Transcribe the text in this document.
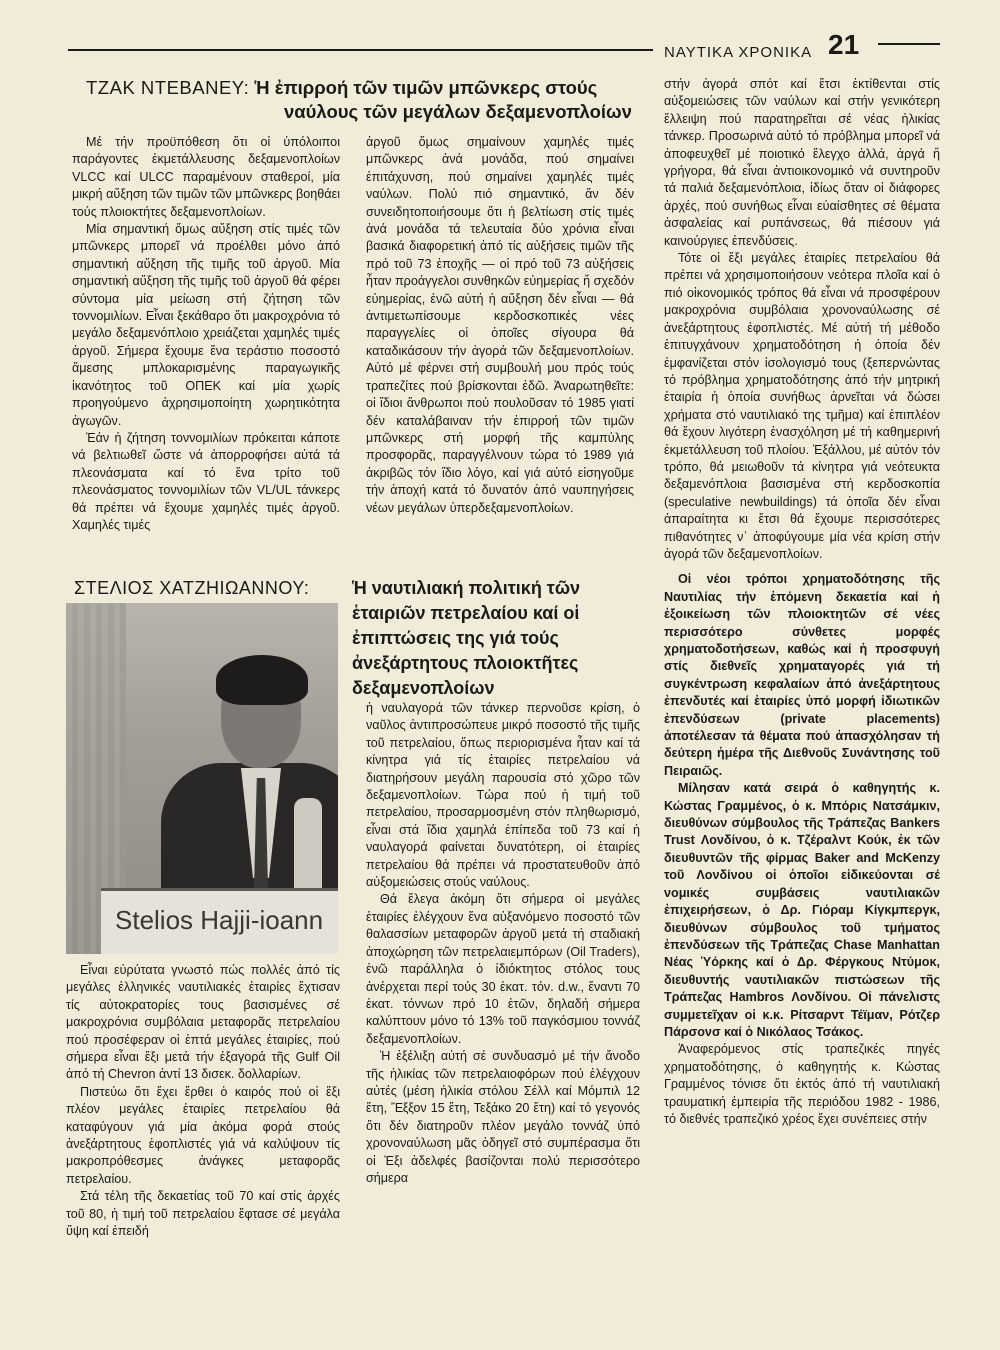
ΝΑΥΤΙΚΑ ΧΡΟΝΙΚΑ 21
ΤΖΑΚ ΝΤΕΒΑΝΕΥ: Ἡ ἐπιρροή τῶν τιμῶν μπῶνκερς στούς
ναύλους τῶν μεγάλων δεξαμενοπλοίων

Μέ τήν προϋπόθεση ὅτι οἱ ὑπόλοιποι παράγοντες ἐκμετάλλευσης δεξαμενοπλοίων VLCC καί ULCC παραμένουν σταθεροί, μία μικρή αὔξηση τῶν τιμῶν τῶν μπῶνκερς βοηθάει τούς πλοιοκτήτες δεξαμενοπλοίων.

Μία σημαντική ὅμως αὔξηση στίς τιμές τῶν μπῶνκερς μπορεῖ νά προέλθει μόνο ἀπό σημαντική αὔξηση τῆς τιμῆς τοῦ ἀργοῦ. Μία σημαντική αὔξηση τῆς τιμῆς τοῦ ἀργοῦ θά φέρει σύντομα μία μείωση στή ζήτηση τῶν τοννομιλίων. Εἶναι ξεκάθαρο ὅτι μακροχρόνια τό μεγάλο δεξαμενόπλοιο χρειάζεται χαμηλές τιμές ἀργοῦ. Σήμερα ἔχουμε ἕνα τεράστιο ποσοστό ἄμεσης μπλοκαρισμένης παραγωγικῆς ἱκανότητος τοῦ ΟΠΕΚ καί μία χωρίς προηγούμενο ἀχρησιμοποίητη χωρητικότητα ἀγωγῶν.

Ἐάν ἡ ζήτηση τοννομιλίων πρόκειται κάποτε νά βελτιωθεῖ ὥστε νά ἀπορροφήσει αὐτά τά πλεονάσματα καί τό ἕνα τρίτο τοῦ πλεονάσματος τοννομιλίων τῶν VL/UL τάνκερς θά πρέπει νά ἔχουμε χαμηλές τιμές ἀργοῦ. Χαμηλές τιμές

ἀργοῦ ὅμως σημαίνουν χαμηλές τιμές μπῶνκερς ἀνά μονάδα, πού σημαίνει ἐπιτάχυνση, πού σημαίνει χαμηλές τιμές ναύλων. Πολύ πιό σημαντικό, ἄν δέν συνειδητοποιήσουμε ὅτι ἡ βελτίωση στίς τιμές ἀνά μονάδα τά τελευταία δύο χρόνια εἶναι βασικά διαφορετική ἀπό τίς αὐξήσεις τιμῶν τῆς πρό τοῦ 73 ἐποχῆς — οἱ πρό τοῦ 73 αὐξήσεις ἦταν προάγγελοι συνθηκῶν εὐημερίας ἤ σχεδόν εὐημερίας, ἐνῶ αὐτή ἡ αὔξηση δέν εἶναι — θά ἀντιμετωπίσουμε κερδοσκοπικές νέες παραγγελίες οἱ ὁποῖες σίγουρα θά καταδικάσουν τήν ἀγορά τῶν δεξαμενοπλοίων. Αὐτό μέ φέρνει στή συμβουλή μου πρός τούς τραπεζίτες πού βρίσκονται ἐδῶ. Ἀναρωτηθεῖτε: οἱ ἴδιοι ἄνθρωποι πού πουλοῦσαν τό 1985 γιατί δέν καταλάβαιναν τήν ἐπιρροή τῶν τιμῶν μπῶνκερς στή μορφή τῆς καμπύλης προσφορᾶς, παραγγέλνουν τώρα τό 1989 γιά ἀκριβῶς τόν ἴδιο λόγο, καί γιά αὐτό εἰσηγοῦμε τήν ἀποχή κατά τό δυνατόν ἀπό ναυπηγήσεις νέων μεγάλων ὑπερδεξαμενοπλοίων.

ΣΤΕΛΙΟΣ ΧΑΤΖΗΙΩΑΝΝΟΥ: Ἡ ναυτιλιακή πολιτική τῶν
ἑταιριῶν πετρελαίου καί οἱ
ἐπιπτώσεις της γιά τούς
ἀνεξάρτητους πλοιοκτῆτες
δεξαμενοπλοίων
Stelios Hajji-ioann

Εἶναι εὐρύτατα γνωστό πώς πολλές ἀπό τίς μεγάλες ἑλληνικές ναυτιλιακές ἑταιρίες ἔχτισαν τίς αὐτοκρατορίες τους βασισμένες σέ μακροχρόνια συμβόλαια μεταφορᾶς πετρελαίου πού προσέφεραν οἱ ἑπτά μεγάλες ἑταιρίες, πού σήμερα εἶναι ἕξι μετά τήν ἐξαγορά τῆς Gulf Oil ἀπό τή Chevron ἀντί 13 δισεκ. δολλαρίων.

Πιστεύω ὅτι ἔχει ἔρθει ὁ καιρός πού οἱ ἕξι πλέον μεγάλες ἑταιρίες πετρελαίου θά καταφύγουν γιά μία ἀκόμα φορά στούς ἀνεξάρτητους ἐφοπλιστές γιά νά καλύψουν τίς μακροπρόθεσμες ἀνάγκες μεταφορᾶς πετρελαίου.

Στά τέλη τῆς δεκαετίας τοῦ 70 καί στίς ἀρχές τοῦ 80, ἡ τιμή τοῦ πετρελαίου ἔφτασε σέ μεγάλα ὕψη καί ἐπειδή

ἡ ναυλαγορά τῶν τάνκερ περνοῦσε κρίση, ὁ ναῦλος ἀντιπροσώπευε μικρό ποσοστό τῆς τιμῆς τοῦ πετρελαίου, ὅπως περιορισμένα ἦταν καί τά κίνητρα γιά τίς ἑταιρίες πετρελαίου νά διατηρήσουν μεγάλη παρουσία στό χῶρο τῶν δεξαμενοπλοίων. Τώρα πού ἡ τιμή τοῦ πετρελαίου, προσαρμοσμένη στόν πληθωρισμό, εἶναι στά ἴδια χαμηλά ἐπίπεδα τοῦ 73 καί ἡ ναυλαγορά φαίνεται δυνατότερη, οἱ ἑταιρίες πετρελαίου θά πρέπει νά προστατευθοῦν ἀπό αὐξομειώσεις στούς ναύλους.

Θά ἔλεγα ἀκόμη ὅτι σήμερα οἱ μεγάλες ἑταιρίες ἐλέγχουν ἕνα αὐξανόμενο ποσοστό τῶν θαλασσίων μεταφορῶν ἀργοῦ μετά τή σταδιακή ἀποχώρηση τῶν πετρελαιεμπόρων (Oil Traders), ἐνῶ παράλληλα ὁ ἰδιόκτητος στόλος τους ἀνέρχεται περί τούς 30 ἑκατ. τόν. d.w., ἔναντι 70 ἑκατ. τόννων πρό 10 ἐτῶν, δηλαδή σήμερα καλύπτουν μόνο τό 13% τοῦ παγκόσμιου τοννάζ δεξαμενοπλοίων.

Ἡ ἐξέλιξη αὐτή σέ συνδυασμό μέ τήν ἄνοδο τῆς ἡλικίας τῶν πετρελαιοφόρων πού ἐλέγχουν αὐτές (μέση ἡλικία στόλου Σέλλ καί Μόμπιλ 12 ἔτη, Ἔξξον 15 ἔτη, Τεξάκο 20 ἔτη) καί τό γεγονός ὅτι δέν διατηροῦν πλέον μεγάλο τοννάζ ὑπό χρονοναύλωση μᾶς ὁδηγεῖ στό συμπέρασμα ὅτι οἱ Ἑξι ἀδελφές βασίζονται πολύ περισσότερο σήμερα

στήν ἀγορά σπότ καί ἔτσι ἐκτίθενται στίς αὐξομειώσεις τῶν ναύλων καί στήν γενικότερη ἔλλειψη πού παρατηρεῖται σέ νέας ἡλικίας τάνκερ. Προσωρινά αὐτό τό πρόβλημα μπορεῖ νά ἀποφευχθεῖ μέ ποιοτικό ἔλεγχο ἀλλά, ἀργά ἤ γρήγορα, θά εἶναι ἀντιοικονομικό νά συντηροῦν τά παλιά δεξαμενόπλοια, ἰδίως ὅταν οἱ διάφορες ἀρχές, πού συνήθως εἶναι εὐαίσθητες σέ θέματα ἀσφαλείας καί ρυπάνσεως, θά πιέσουν γιά καινούργιες ἐπενδύσεις.

Τότε οἱ ἕξι μεγάλες ἑταιρίες πετρελαίου θά πρέπει νά χρησιμοποιήσουν νεότερα πλοῖα καί ὁ πιό οἰκονομικός τρόπος θά εἶναι νά προσφέρουν μακροχρόνια συμβόλαια χρονοναύλωσης σέ ἀνεξάρτητους ἐφοπλιστές. Μέ αὐτή τή μέθοδο ἐπιτυγχάνουν χρηματοδότηση ἡ ὁποία δέν ἐμφανίζεται στόν ἰσολογισμό τους (ξεπερνώντας τό πρόβλημα χρηματοδότησης ἀπό τήν μητρική ἑταιρία ἡ ὁποία συνήθως ἀρνεῖται νά δώσει χρήματα στό ναυτιλιακό της τμῆμα) καί ἐπιπλέον θά ἔχουν λιγότερη ἐνασχόληση μέ τή καθημερινή ἐκμετάλλευση τοῦ πλοίου. Ἐξάλλου, μέ αὐτόν τόν τρόπο, θά μειωθοῦν τά κίνητρα γιά νεότευκτα δεξαμενόπλοια βασισμένα στή κερδοσκοπία (speculative newbuildings) τά ὁποῖα δέν εἶναι ἀπαραίτητα κι ἔτσι θά ἔχουμε περισσότερες πιθανότητες ν᾽ ἀποφύγουμε μία νέα κρίση στήν ἀγορά τῶν δεξαμενοπλοίων.

Οἱ νέοι τρόποι χρηματοδότησης τῆς Ναυτιλίας τήν ἑπόμενη δεκαετία καί ἡ ἐξοικείωση τῶν πλοιοκτητῶν σέ νέες περισσότερο σύνθετες μορφές χρηματοδοτήσεων, καθώς καί ἡ προσφυγή στίς διεθνεῖς χρηματαγορές γιά τή συγκέντρωση κεφαλαίων ἀπό ἀνεξάρτητους ἐπενδυτές καί ἑταιρίες ὑπό μορφή ἰδιωτικῶν ἐπενδύσεων (private placements) ἀποτέλεσαν τά θέματα πού ἀπασχόλησαν τή δεύτερη ἡμέρα τῆς Διεθνοῦς Συνάντησης τοῦ Πειραιῶς.

Μίλησαν κατά σειρά ὁ καθηγητής κ. Κώστας Γραμμένος, ὁ κ. Μπόρις Νατσάμκιν, διευθύνων σύμβουλος τῆς Τράπεζας Bankers Trust Λονδίνου, ὁ κ. Τζέραλντ Κούκ, ἐκ τῶν διευθυντῶν τῆς φίρμας Baker and McKenzy τοῦ Λονδίνου οἱ ὁποῖοι εἰδικεύονται σέ νομικές συμβάσεις ναυτιλιακῶν ἐπιχειρήσεων, ὁ Δρ. Γιόραμ Κίγκμπεργκ, διευθύνων σύμβουλος τοῦ τμήματος ἐπενδύσεων τῆς Τράπεζας Chase Manhattan Νέας Ὑόρκης καί ὁ Δρ. Φέργκους Ντύμοκ, διευθυντής ναυτιλιακῶν πιστώσεων τῆς Τράπεζας Hambros Λονδίνου. Οἱ πάνελιστς συμμετεῖχαν οἱ κ.κ. Ρίτσαρντ Τέϊμαν, Ρότζερ Πάρσονσ καί ὁ Νικόλαος Τσάκος.

Ἀναφερόμενος στίς τραπεζικές πηγές χρηματοδότησης, ὁ καθηγητής κ. Κώστας Γραμμένος τόνισε ὅτι ἐκτός ἀπό τή ναυτιλιακή τραυματική ἐμπειρία τῆς περιόδου 1982 - 1986, τό διεθνές τραπεζικό χρέος ἔχει συνέπειες στήν
